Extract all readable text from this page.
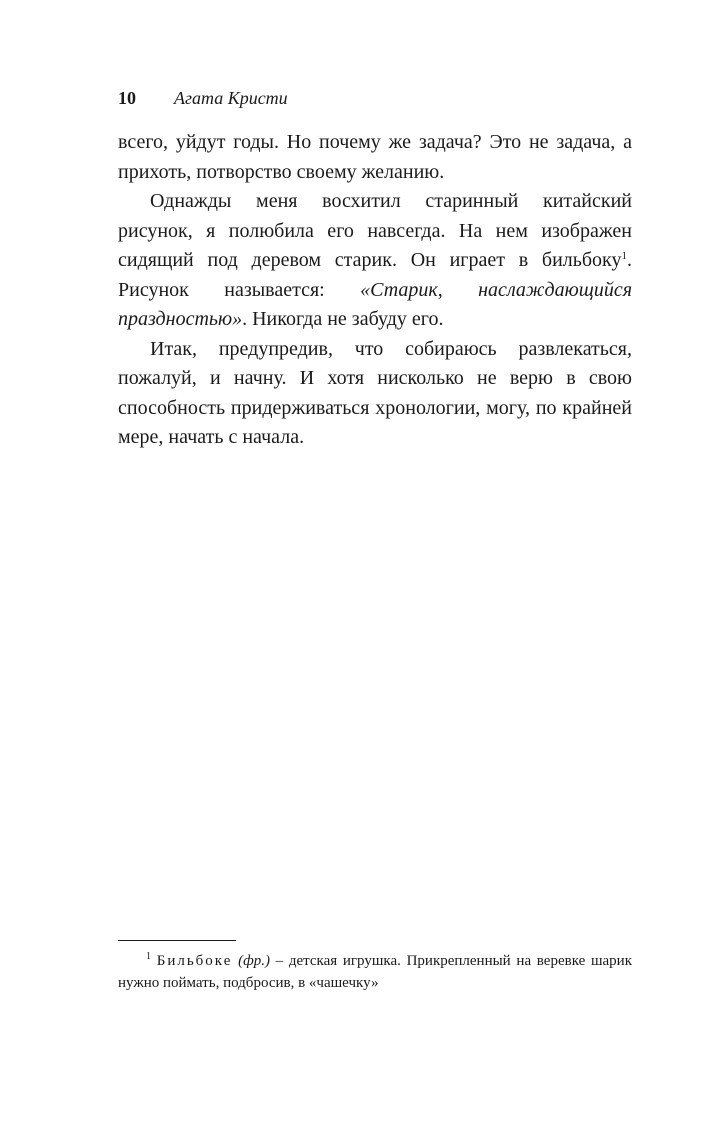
10	Агата Кристи

всего, уйдут годы. Но почему же задача? Это не задача, а прихоть, потворство своему желанию.

Однажды меня восхитил старинный китайский рисунок, я полюбила его навсегда. На нем изображен сидящий под деревом старик. Он играет в бильбоку$^1$. Рисунок называется: «Старик, наслаждающийся праздностью». Никогда не забуду его.

Итак, предупредив, что собираюсь развлекаться, пожалуй, и начну. И хотя нисколько не верю в свою способность придерживаться хронологии, могу, по крайней мере, начать с начала.

$^1$ Бильбоке (фр.) – детская игрушка. Прикрепленный на веревке шарик нужно поймать, подбросив, в «чашечку»
